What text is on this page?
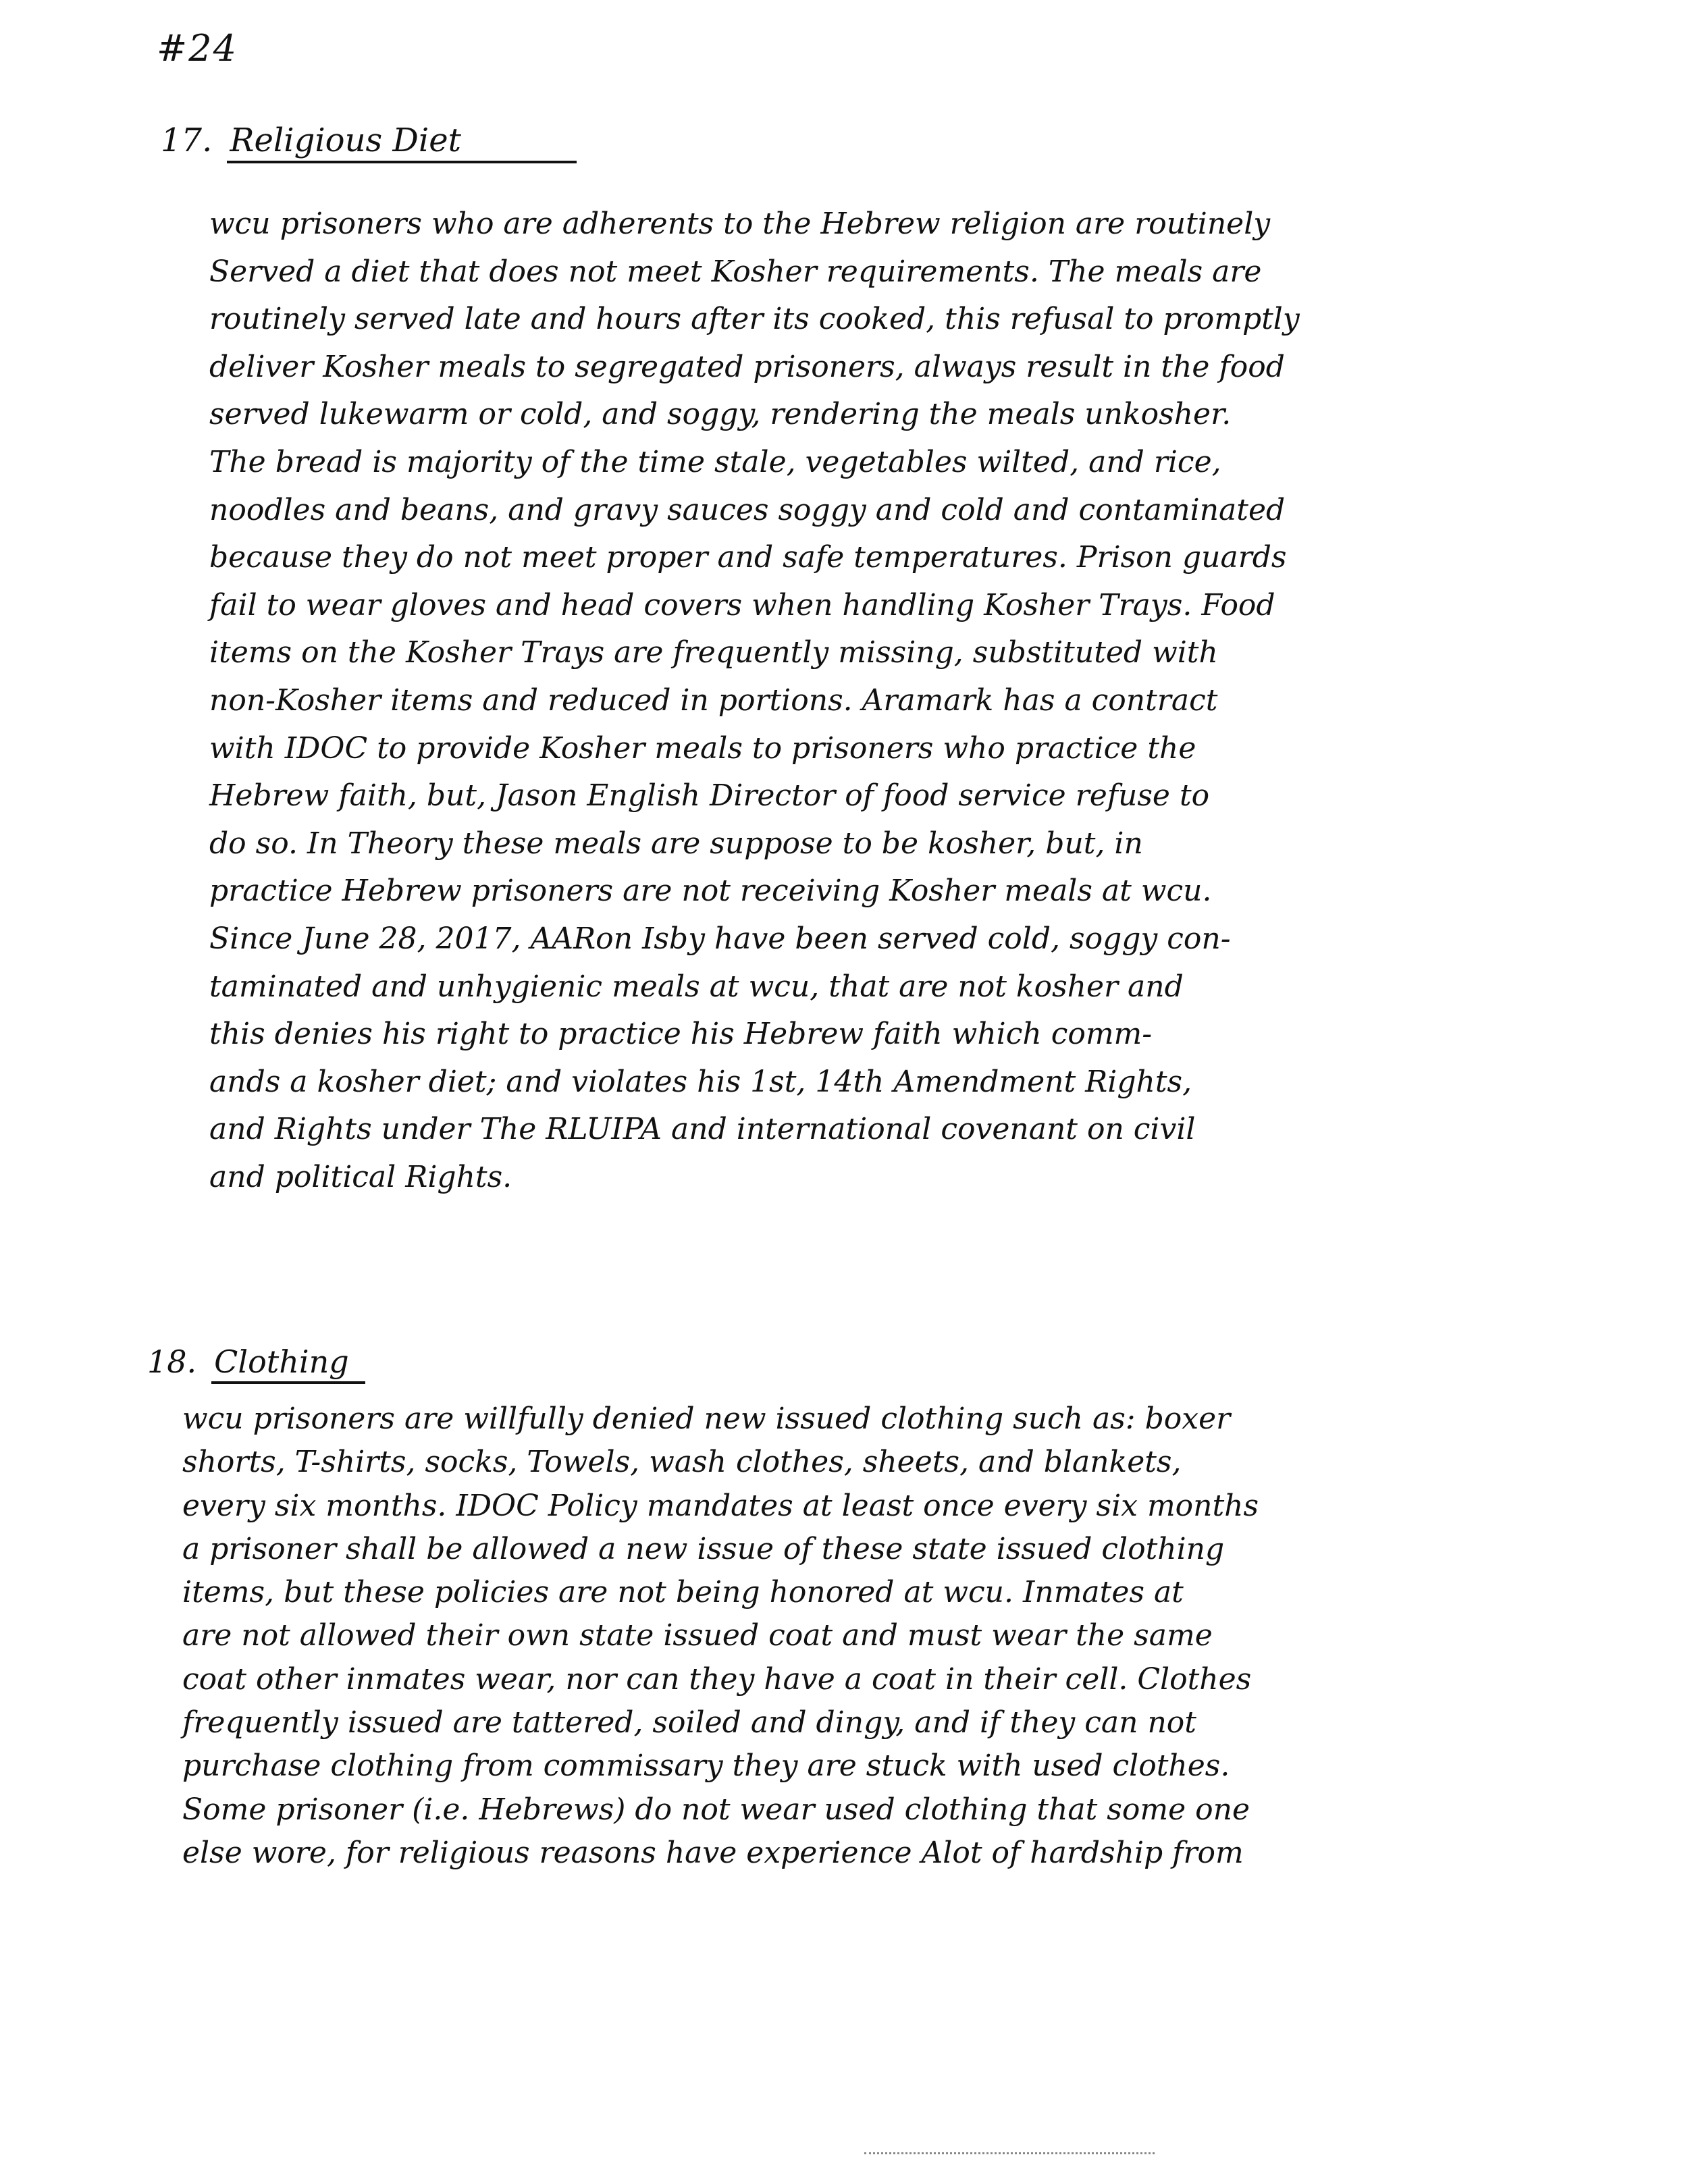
#24
17. Religious Diet
wcu prisoners who are adherents to the Hebrew religion are routinely
Served a diet that does not meet Kosher requirements. The meals are
routinely served late and hours after its cooked, this refusal to promptly
deliver Kosher meals to segregated prisoners, always result in the food
served lukewarm or cold, and soggy, rendering the meals unkosher.
The bread is majority of the time stale, vegetables wilted, and rice,
noodles and beans, and gravy sauces soggy and cold and contaminated
because they do not meet proper and safe temperatures. Prison guards
fail to wear gloves and head covers when handling Kosher Trays. Food
items on the Kosher Trays are frequently missing, substituted with
non-Kosher items and reduced in portions. Aramark has a contract
with IDOC to provide Kosher meals to prisoners who practice the
Hebrew faith, but, Jason English Director of food service refuse to
do so. In Theory these meals are suppose to be kosher, but, in
practice Hebrew prisoners are not receiving Kosher meals at wcu.
Since June 28, 2017, AARon Isby have been served cold, soggy con-
taminated and unhygienic meals at wcu, that are not kosher and
this denies his right to practice his Hebrew faith which comm-
ands a kosher diet; and violates his 1st, 14th Amendment Rights,
and Rights under The RLUIPA and international covenant on civil
and political Rights.
18. Clothing
wcu prisoners are willfully denied new issued clothing such as: boxer
shorts, T-shirts, socks, Towels, wash clothes, sheets, and blankets,
every six months. IDOC Policy mandates at least once every six months
a prisoner shall be allowed a new issue of these state issued clothing
items, but these policies are not being honored at wcu. Inmates at
are not allowed their own state issued coat and must wear the same
coat other inmates wear, nor can they have a coat in their cell. Clothes
frequently issued are tattered, soiled and dingy, and if they can not
purchase clothing from commissary they are stuck with used clothes.
Some prisoner (i.e. Hebrews) do not wear used clothing that some one
else wore, for religious reasons have experience Alot of hardship from
